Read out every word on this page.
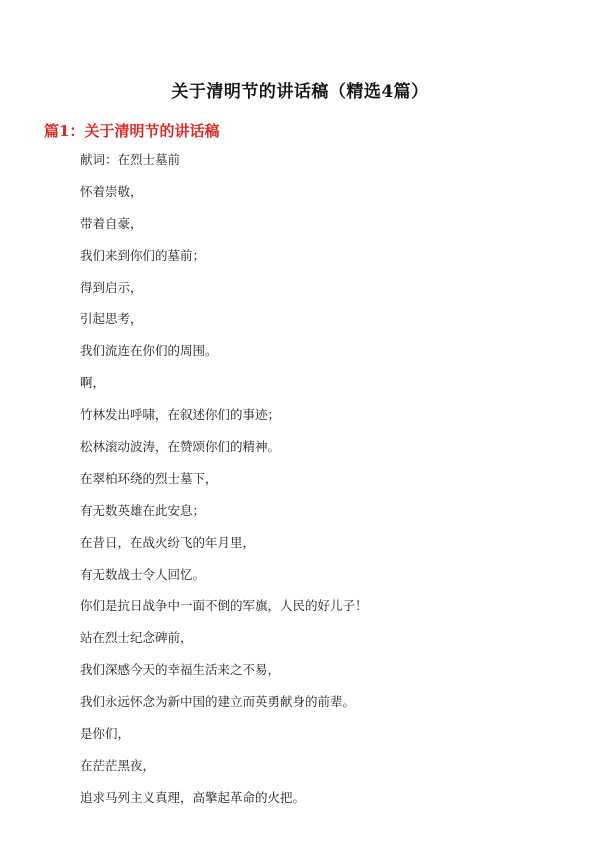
关于清明节的讲话稿（精选4篇）
篇1：关于清明节的讲话稿
献词：在烈士墓前
怀着崇敬，
带着自豪，
我们来到你们的墓前；
得到启示，
引起思考，
我们流连在你们的周围。
啊，
竹林发出呼啸，在叙述你们的事迹；
松林滚动波涛，在赞颂你们的精神。
在翠柏环绕的烈士墓下，
有无数英雄在此安息；
在昔日，在战火纷飞的年月里，
有无数战士令人回忆。
你们是抗日战争中一面不倒的军旗，人民的好儿子！
站在烈士纪念碑前，
我们深感今天的幸福生活来之不易，
我们永远怀念为新中国的建立而英勇献身的前辈。
是你们，
在茫茫黑夜，
追求马列主义真理，高擎起革命的火把。
